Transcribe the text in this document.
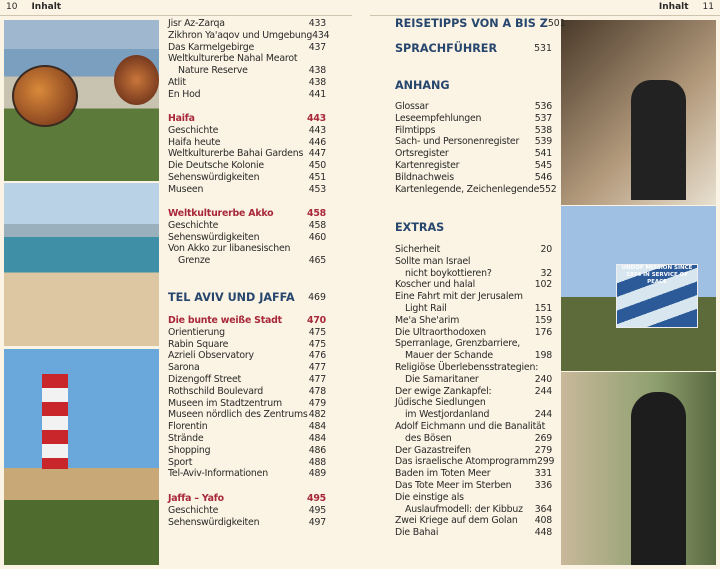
10 Inhalt	Inhalt 11
UNDOF MISSION SINCE 1974 IN SERVICE OF PEACE
Jisr Az-Zarqa	433
Zikhron Ya'aqov und Umgebung 434
Das Karmelgebirge	437
Weltkulturerbe Nahal Mearot
Nature Reserve	438
Atlit	438
En Hod	441
Haifa	443
Geschichte	443
Haifa heute	446
Weltkulturerbe Bahai Gardens 447
Die Deutsche Kolonie	450
Sehenswürdigkeiten	451
Museen	453
Weltkulturerbe Akko	458
Geschichte	458
Sehenswürdigkeiten	460
Von Akko zur libanesischen
Grenze	465
TEL AVIV UND JAFFA 469
Die bunte weiße Stadt	470
Orientierung	475
Rabin Square	475
Azrieli Observatory	476
Sarona	477
Dizengoff Street	477
Rothschild Boulevard	478
Museen im Stadtzentrum	479
Museen nördlich des Zentrums 482
Florentin	484
Strände	484
Shopping	486
Sport	488
Tel-Aviv-Informationen	489
Jaffa – Yafo	495
Geschichte	495
Sehenswürdigkeiten	497
REISETIPPS VON A BIS Z 501
SPRACHFÜHRER	531
ANHANG
Glossar	536
Leseempfehlungen	537
Filmtipps	538
Sach- und Personenregister 539
Ortsregister	541
Kartenregister	545
Bildnachweis	546
Kartenlegende, Zeichenlegende 552
EXTRAS
Sicherheit	20
Sollte man Israel
nicht boykottieren?	32
Koscher und halal	102
Eine Fahrt mit der Jerusalem
Light Rail	151
Me'a She'arim	159
Die Ultraorthodoxen	176
Sperranlage, Grenzbarriere,
Mauer der Schande	198
Religiöse Überlebensstrategien:
Die Samaritaner	240
Der ewige Zankapfel:	244
Jüdische Siedlungen
im Westjordanland	244
Adolf Eichmann und die Banalität
des Bösen	269
Der Gazastreifen	279
Das israelische Atomprogramm 299
Baden im Toten Meer	331
Das Tote Meer im Sterben 336
Die einstige als
Auslaufmodell: der Kibbuz 364
Zwei Kriege auf dem Golan 408
Die Bahai	448
